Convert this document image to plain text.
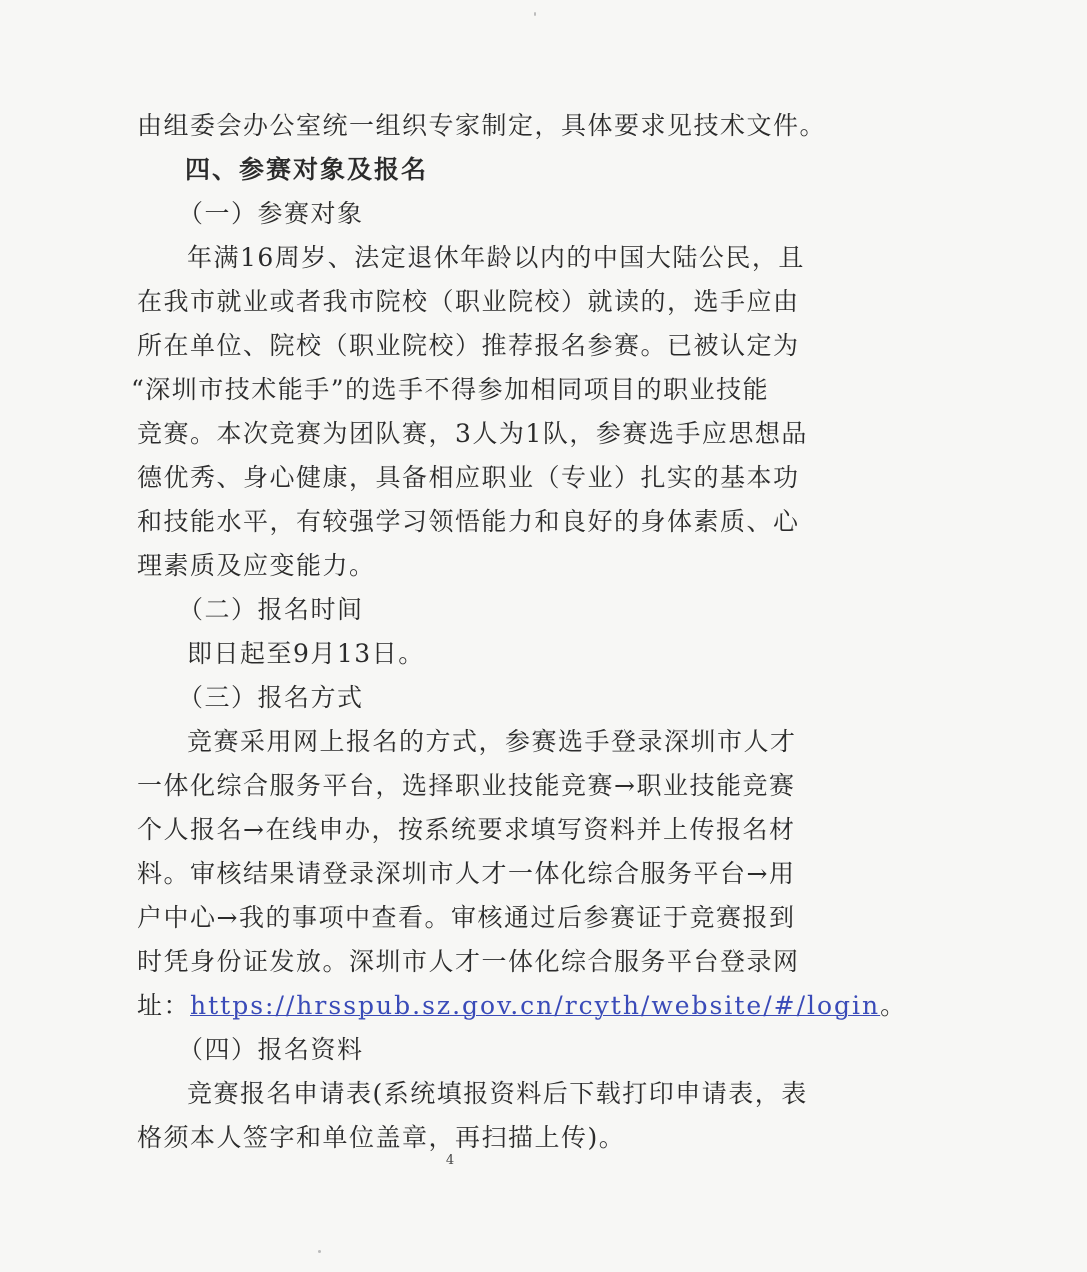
由组委会办公室统一组织专家制定，具体要求见技术文件。
四、参赛对象及报名
（一）参赛对象
年满16周岁、法定退休年龄以内的中国大陆公民，且
在我市就业或者我市院校（职业院校）就读的，选手应由
所在单位、院校（职业院校）推荐报名参赛。已被认定为
“深圳市技术能手”的选手不得参加相同项目的职业技能
竞赛。本次竞赛为团队赛，3人为1队，参赛选手应思想品
德优秀、身心健康，具备相应职业（专业）扎实的基本功
和技能水平，有较强学习领悟能力和良好的身体素质、心
理素质及应变能力。
（二）报名时间
即日起至9月13日。
（三）报名方式
竞赛采用网上报名的方式，参赛选手登录深圳市人才
一体化综合服务平台，选择职业技能竞赛→职业技能竞赛
个人报名→在线申办，按系统要求填写资料并上传报名材
料。审核结果请登录深圳市人才一体化综合服务平台→用
户中心→我的事项中查看。审核通过后参赛证于竞赛报到
时凭身份证发放。深圳市人才一体化综合服务平台登录网
址：https://hrsspub.sz.gov.cn/rcyth/website/#/login。
（四）报名资料
竞赛报名申请表(系统填报资料后下载打印申请表，表
格须本人签字和单位盖章，再扫描上传)。
4
